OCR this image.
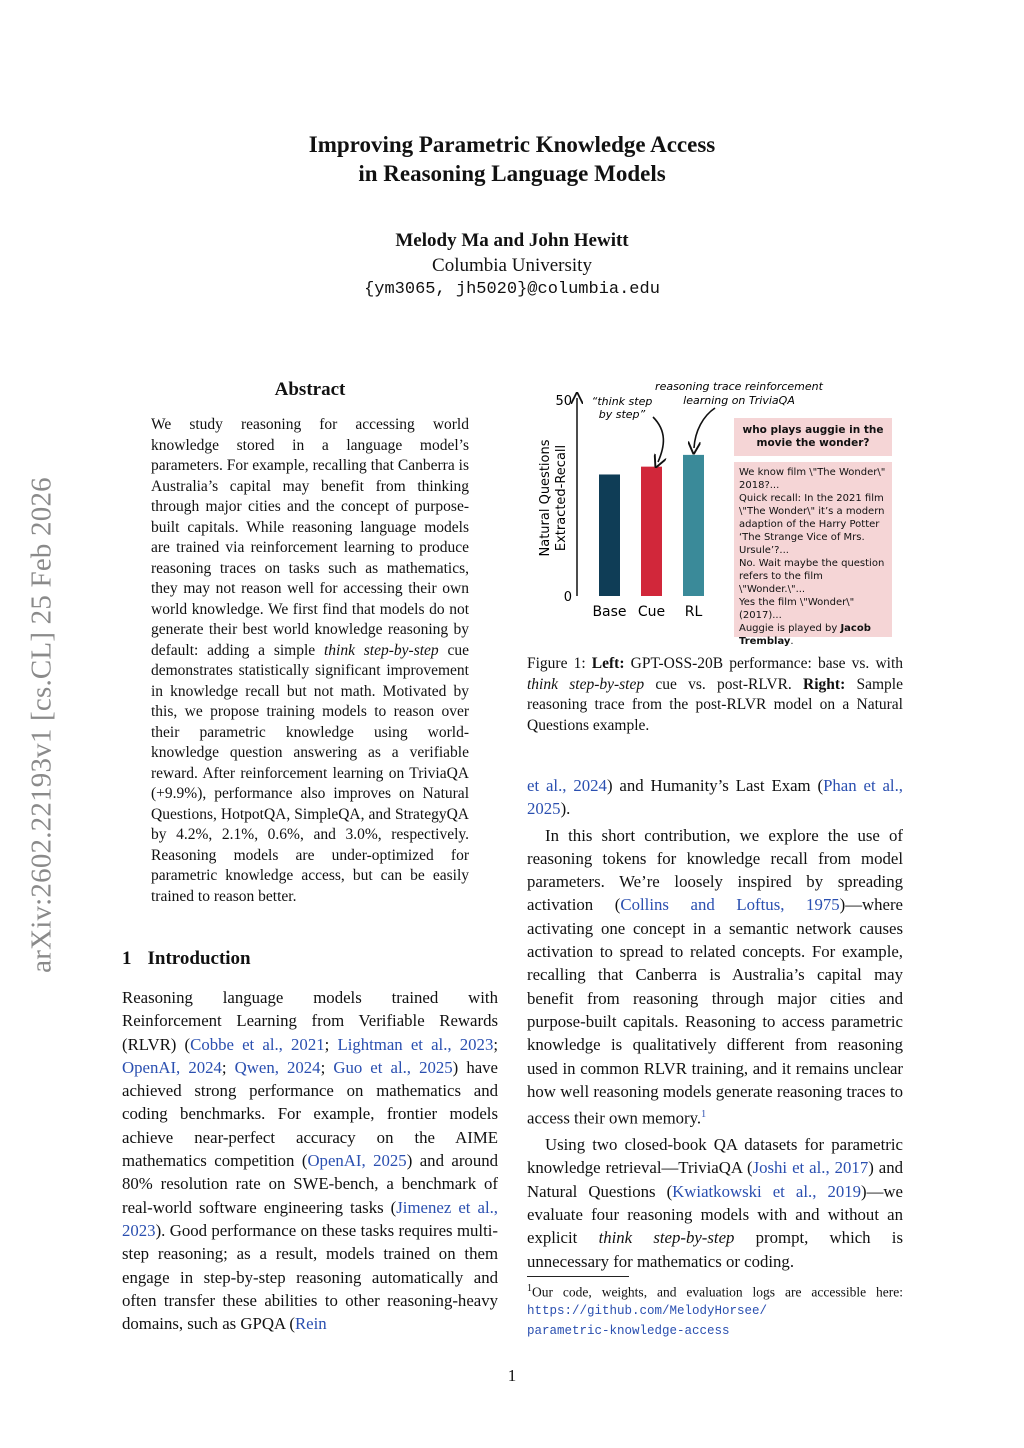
arXiv:2602.22193v1 [cs.CL] 25 Feb 2026
Improving Parametric Knowledge Access
in Reasoning Language Models
Melody Ma and John Hewitt
Columbia University
{ym3065, jh5020}@columbia.edu
Abstract
We study reasoning for accessing world knowledge stored in a language model’s parameters. For example, recalling that Canberra is Australia’s capital may benefit from thinking through major cities and the concept of purpose-built capitals. While reasoning language models are trained via reinforcement learning to produce reasoning traces on tasks such as mathematics, they may not reason well for accessing their own world knowledge. We first find that models do not generate their best world knowledge reasoning by default: adding a simple think step-by-step cue demonstrates statistically significant improvement in knowledge recall but not math. Motivated by this, we propose training models to reason over their parametric knowledge using world-knowledge question answering as a verifiable reward. After reinforcement learning on TriviaQA (+9.9%), performance also improves on Natural Questions, HotpotQA, SimpleQA, and StrategyQA by 4.2%, 2.1%, 0.6%, and 3.0%, respectively. Reasoning models are under-optimized for parametric knowledge access, but can be easily trained to reason better.
1 Introduction
Reasoning language models trained with Reinforcement Learning from Verifiable Rewards (RLVR) (Cobbe et al., 2021; Lightman et al., 2023; OpenAI, 2024; Qwen, 2024; Guo et al., 2025) have achieved strong performance on mathematics and coding benchmarks. For example, frontier models achieve near-perfect accuracy on the AIME mathematics competition (OpenAI, 2025) and around 80% resolution rate on SWE-bench, a benchmark of real-world software engineering tasks (Jimenez et al., 2023). Good performance on these tasks requires multi-step reasoning; as a result, models trained on them engage in step-by-step reasoning automatically and often transfer these abilities to other reasoning-heavy domains, such as GPQA (Rein
0
50
Natural Questions Extracted-Recall
Base Cue RL
“think step
by step”
reasoning trace reinforcement
learning on TriviaQA
who plays auggie in the movie the wonder?
We know film \"The Wonder\"
2018?...
Quick recall: In the 2021 film
\"The Wonder\" it’s a modern
adaption of the Harry Potter
‘The Strange Vice of Mrs.
Ursule’?...
No. Wait maybe the question
refers to the film \"Wonder.\"...
Yes the film \"Wonder\"
(2017)...
Auggie is played by Jacob Tremblay.
Figure 1: Left: GPT-OSS-20B performance: base vs. with think step-by-step cue vs. post-RLVR. Right: Sample reasoning trace from the post-RLVR model on a Natural Questions example.

et al., 2024) and Humanity’s Last Exam (Phan et al., 2025).

In this short contribution, we explore the use of reasoning tokens for knowledge recall from model parameters. We’re loosely inspired by spreading activation (Collins and Loftus, 1975)—where activating one concept in a semantic network causes activation to spread to related concepts. For example, recalling that Canberra is Australia’s capital may benefit from reasoning through major cities and purpose-built capitals. Reasoning to access parametric knowledge is qualitatively different from reasoning used in common RLVR training, and it remains unclear how well reasoning models generate reasoning traces to access their own memory.$^1$

Using two closed-book QA datasets for parametric knowledge retrieval—TriviaQA (Joshi et al., 2017) and Natural Questions (Kwiatkowski et al., 2019)—we evaluate four reasoning models with and without an explicit think step-by-step prompt, which is unnecessary for mathematics or coding.

$^1$Our code, weights, and evaluation logs are accessible here: https://github.com/MelodyHorsee/
parametric-knowledge-access
1
